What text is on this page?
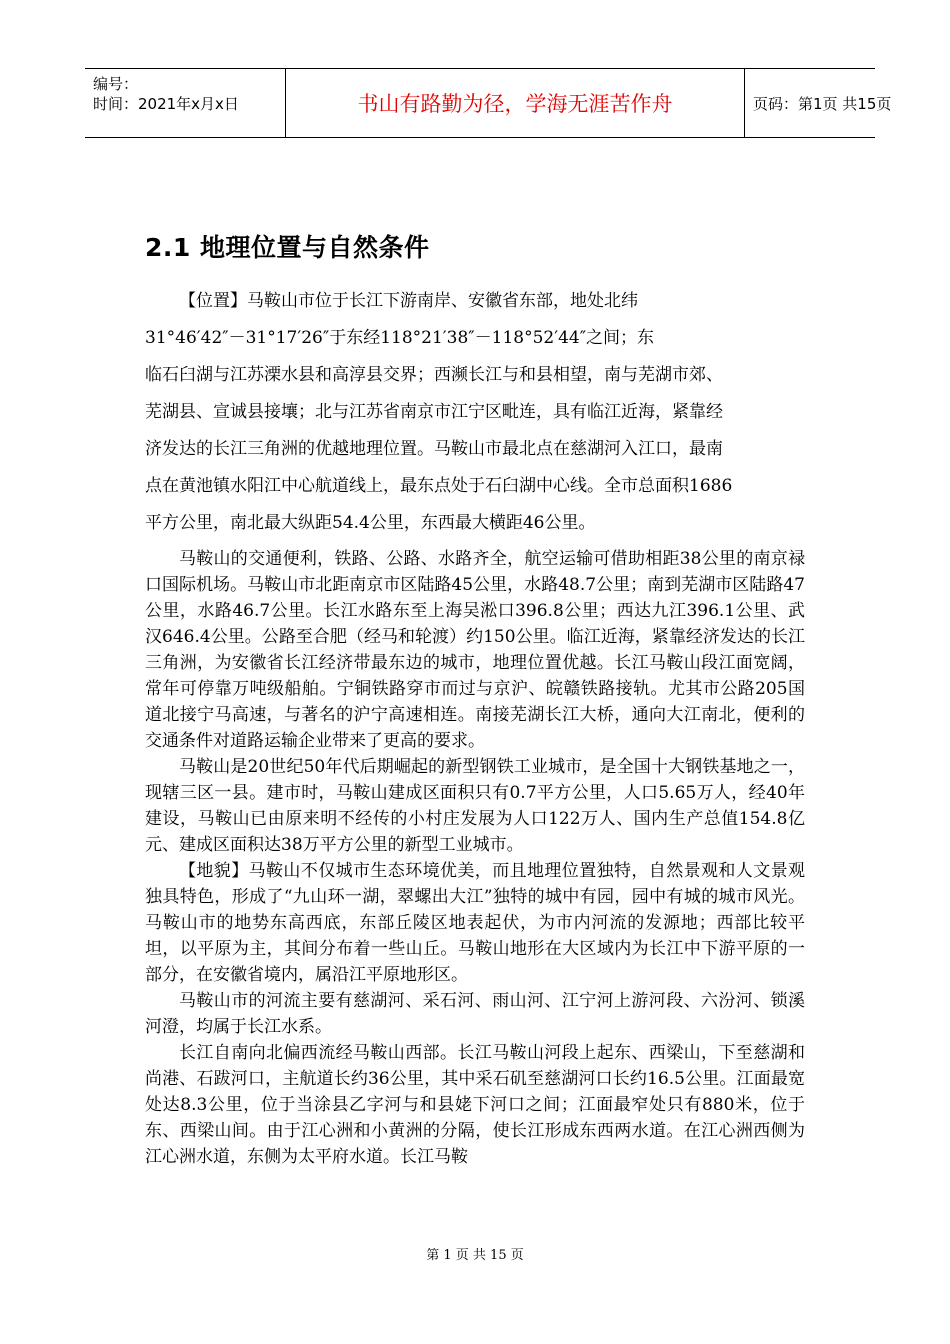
编号：
时间：2021年x月x日	书山有路勤为径，学海无涯苦作舟	页码：第1页 共15页
2.1 地理位置与自然条件

【位置】马鞍山市位于长江下游南岸、安徽省东部，地处北纬

31°46′42″－31°17′26″于东经118°21′38″－118°52′44″之间；东

临石臼湖与江苏溧水县和高淳县交界；西濒长江与和县相望，南与芜湖市郊、

芜湖县、宣诚县接壤；北与江苏省南京市江宁区毗连，具有临江近海，紧靠经

济发达的长江三角洲的优越地理位置。马鞍山市最北点在慈湖河入江口，最南

点在黄池镇水阳江中心航道线上，最东点处于石臼湖中心线。全市总面积1686

平方公里，南北最大纵距54.4公里，东西最大横距46公里。

马鞍山的交通便利，铁路、公路、水路齐全，航空运输可借助相距38公里的南京禄口国际机场。马鞍山市北距南京市区陆路45公里，水路48.7公里；南到芜湖市区陆路47公里，水路46.7公里。长江水路东至上海吴淞口396.8公里；西达九江396.1公里、武汉646.4公里。公路至合肥（经马和轮渡）约150公里。临江近海，紧靠经济发达的长江三角洲，为安徽省长江经济带最东边的城市，地理位置优越。长江马鞍山段江面宽阔，常年可停靠万吨级船舶。宁铜铁路穿市而过与京沪、皖赣铁路接轨。尤其市公路205国道北接宁马高速，与著名的沪宁高速相连。南接芜湖长江大桥，通向大江南北，便利的交通条件对道路运输企业带来了更高的要求。

马鞍山是20世纪50年代后期崛起的新型钢铁工业城市，是全国十大钢铁基地之一，现辖三区一县。建市时，马鞍山建成区面积只有0.7平方公里，人口5.65万人，经40年建设，马鞍山已由原来明不经传的小村庄发展为人口122万人、国内生产总值154.8亿元、建成区面积达38万平方公里的新型工业城市。

【地貌】马鞍山不仅城市生态环境优美，而且地理位置独特，自然景观和人文景观独具特色，形成了“九山环一湖，翠螺出大江”独特的城中有园，园中有城的城市风光。马鞍山市的地势东高西底，东部丘陵区地表起伏，为市内河流的发源地；西部比较平坦，以平原为主，其间分布着一些山丘。马鞍山地形在大区域内为长江中下游平原的一部分，在安徽省境内，属沿江平原地形区。

马鞍山市的河流主要有慈湖河、采石河、雨山河、江宁河上游河段、六汾河、锁溪河澄，均属于长江水系。

长江自南向北偏西流经马鞍山西部。长江马鞍山河段上起东、西梁山，下至慈湖和尚港、石跋河口，主航道长约36公里，其中采石矶至慈湖河口长约16.5公里。江面最宽处达8.3公里，位于当涂县乙字河与和县姥下河口之间；江面最窄处只有880米，位于东、西梁山间。由于江心洲和小黄洲的分隔，使长江形成东西两水道。在江心洲西侧为江心洲水道，东侧为太平府水道。长江马鞍

第 1 页 共 15 页
